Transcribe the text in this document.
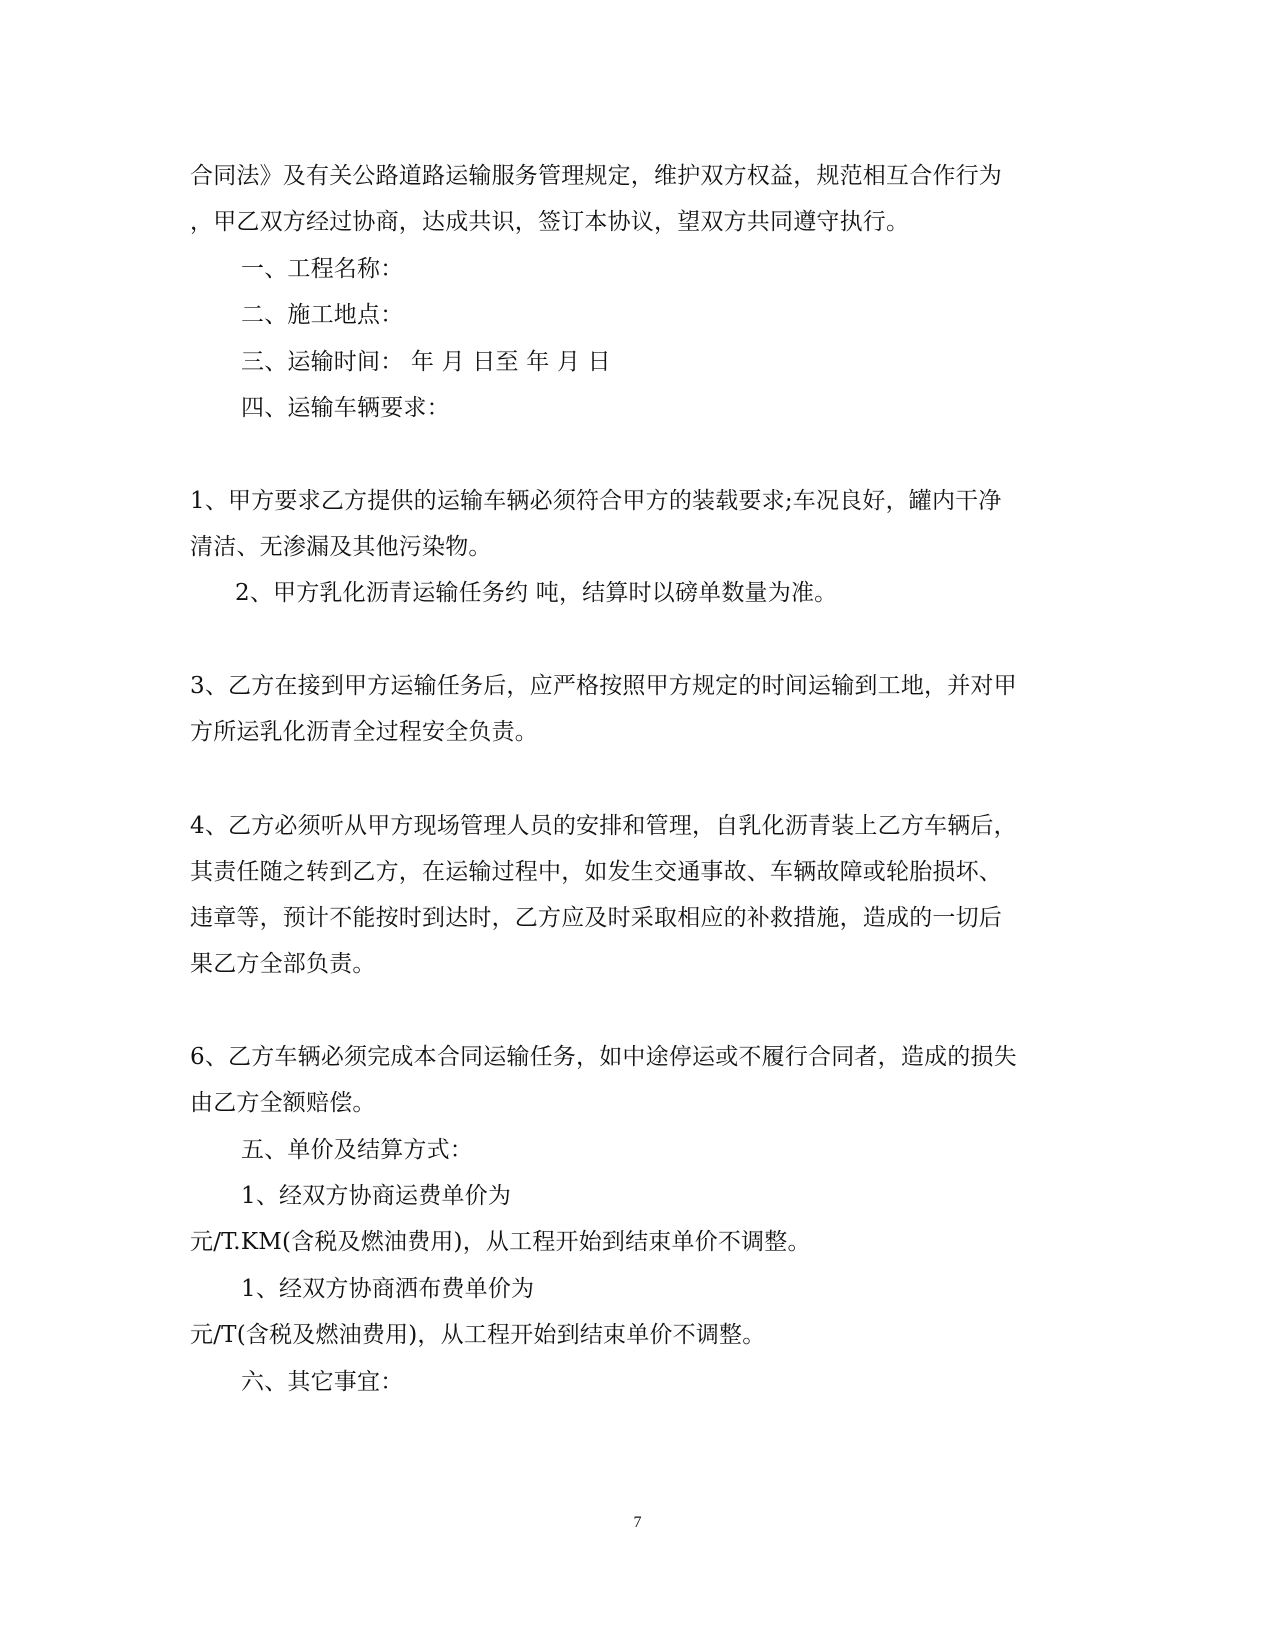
合同法》及有关公路道路运输服务管理规定，维护双方权益，规范相互合作行为
，甲乙双方经过协商，达成共识，签订本协议，望双方共同遵守执行。
一、工程名称：
二、施工地点：
三、运输时间： 年 月 日至 年 月 日
四、运输车辆要求：
1、甲方要求乙方提供的运输车辆必须符合甲方的装载要求;车况良好，罐内干净
清洁、无渗漏及其他污染物。
2、甲方乳化沥青运输任务约 吨，结算时以磅单数量为准。
3、乙方在接到甲方运输任务后，应严格按照甲方规定的时间运输到工地，并对甲
方所运乳化沥青全过程安全负责。
4、乙方必须听从甲方现场管理人员的安排和管理，自乳化沥青装上乙方车辆后，
其责任随之转到乙方，在运输过程中，如发生交通事故、车辆故障或轮胎损坏、
违章等，预计不能按时到达时，乙方应及时采取相应的补救措施，造成的一切后
果乙方全部负责。
6、乙方车辆必须完成本合同运输任务，如中途停运或不履行合同者，造成的损失
由乙方全额赔偿。
五、单价及结算方式：
1、经双方协商运费单价为
元/T.KM(含税及燃油费用)，从工程开始到结束单价不调整。
1、经双方协商洒布费单价为
元/T(含税及燃油费用)，从工程开始到结束单价不调整。
六、其它事宜：
7
